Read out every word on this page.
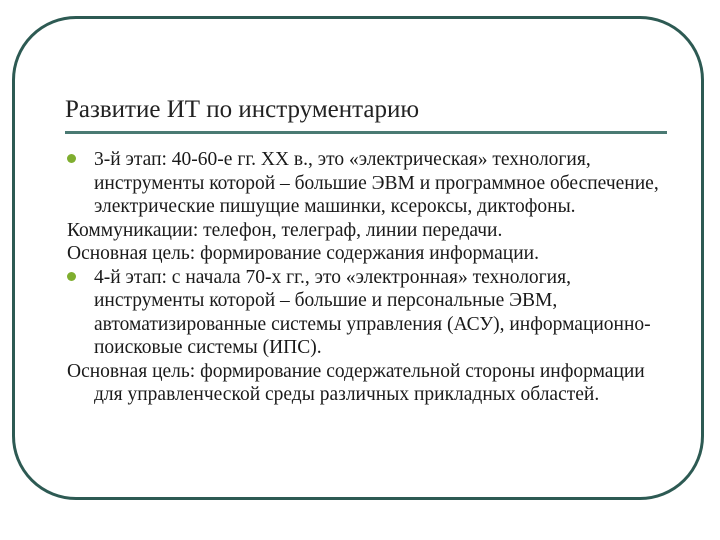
Развитие ИТ по инструментарию
3-й этап: 40-60-е гг. XX в., это «электрическая» технология, инструменты которой – большие ЭВМ и программное обеспечение, электрические пишущие машинки, ксероксы, диктофоны.
Коммуникации: телефон, телеграф, линии передачи.
Основная цель: формирование содержания информации.
4-й этап: с начала 70-х гг., это «электронная» технология, инструменты которой – большие и персональные ЭВМ, автоматизированные системы управления (АСУ), информационно-поисковые системы (ИПС).
Основная цель: формирование содержательной стороны информации для управленческой среды различных прикладных областей.
